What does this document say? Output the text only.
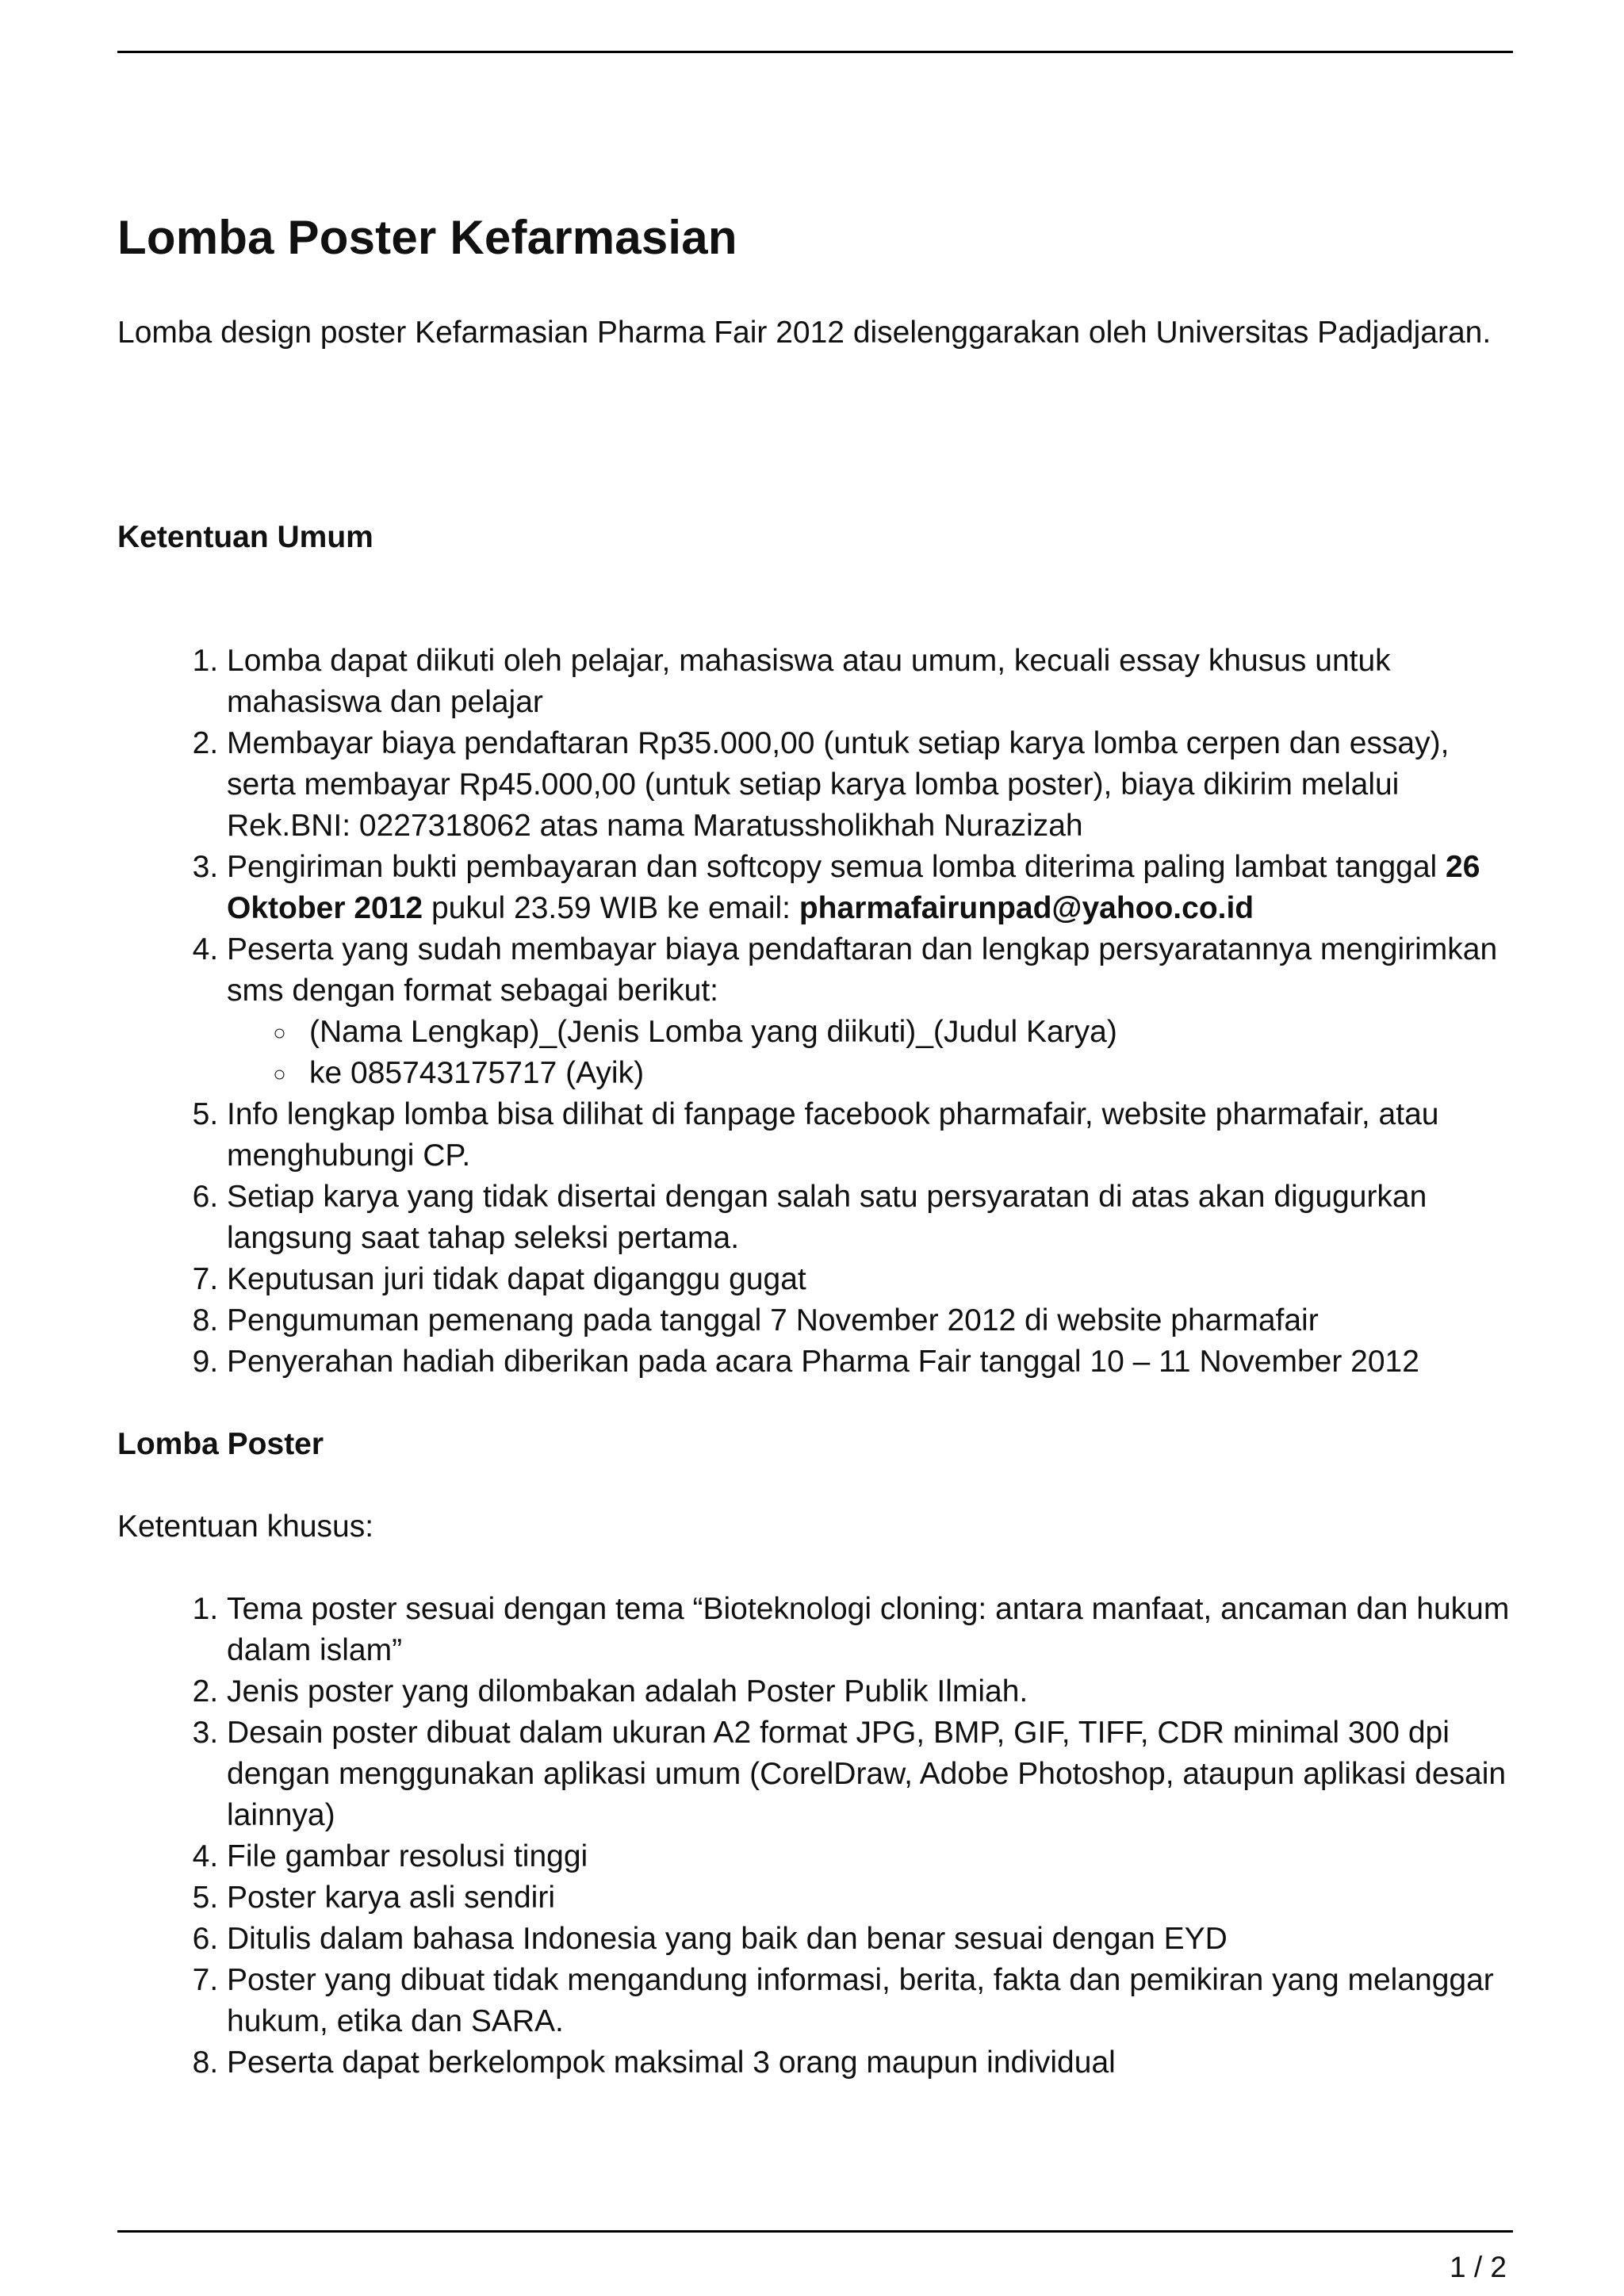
Lomba Poster Kefarmasian

Lomba design poster Kefarmasian Pharma Fair 2012 diselenggarakan oleh Universitas Padjadjaran.

Ketentuan Umum
1. Lomba dapat diikuti oleh pelajar, mahasiswa atau umum, kecuali essay khusus untuk mahasiswa dan pelajar
2. Membayar biaya pendaftaran Rp35.000,00 (untuk setiap karya lomba cerpen dan essay), serta membayar Rp45.000,00 (untuk setiap karya lomba poster), biaya dikirim melalui Rek.BNI: 0227318062 atas nama Maratussholikhah Nurazizah
3. Pengiriman bukti pembayaran dan softcopy semua lomba diterima paling lambat tanggal 26 Oktober 2012 pukul 23.59 WIB ke email: pharmafairunpad@yahoo.co.id
4. Peserta yang sudah membayar biaya pendaftaran dan lengkap persyaratannya mengirimkan sms dengan format sebagai berikut:
◦ (Nama Lengkap)_(Jenis Lomba yang diikuti)_(Judul Karya)
◦ ke 085743175717 (Ayik)
5. Info lengkap lomba bisa dilihat di fanpage facebook pharmafair, website pharmafair, atau menghubungi CP.
6. Setiap karya yang tidak disertai dengan salah satu persyaratan di atas akan digugurkan langsung saat tahap seleksi pertama.
7. Keputusan juri tidak dapat diganggu gugat
8. Pengumuman pemenang pada tanggal 7 November 2012 di website pharmafair
9. Penyerahan hadiah diberikan pada acara Pharma Fair tanggal 10 – 11 November 2012
Lomba Poster

Ketentuan khusus:

1. Tema poster sesuai dengan tema “Bioteknologi cloning: antara manfaat, ancaman dan hukum dalam islam”
2. Jenis poster yang dilombakan adalah Poster Publik Ilmiah.
3. Desain poster dibuat dalam ukuran A2 format JPG, BMP, GIF, TIFF, CDR minimal 300 dpi dengan menggunakan aplikasi umum (CorelDraw, Adobe Photoshop, ataupun aplikasi desain lainnya)
4. File gambar resolusi tinggi
5. Poster karya asli sendiri
6. Ditulis dalam bahasa Indonesia yang baik dan benar sesuai dengan EYD
7. Poster yang dibuat tidak mengandung informasi, berita, fakta dan pemikiran yang melanggar hukum, etika dan SARA.
8. Peserta dapat berkelompok maksimal 3 orang maupun individual
1 / 2
